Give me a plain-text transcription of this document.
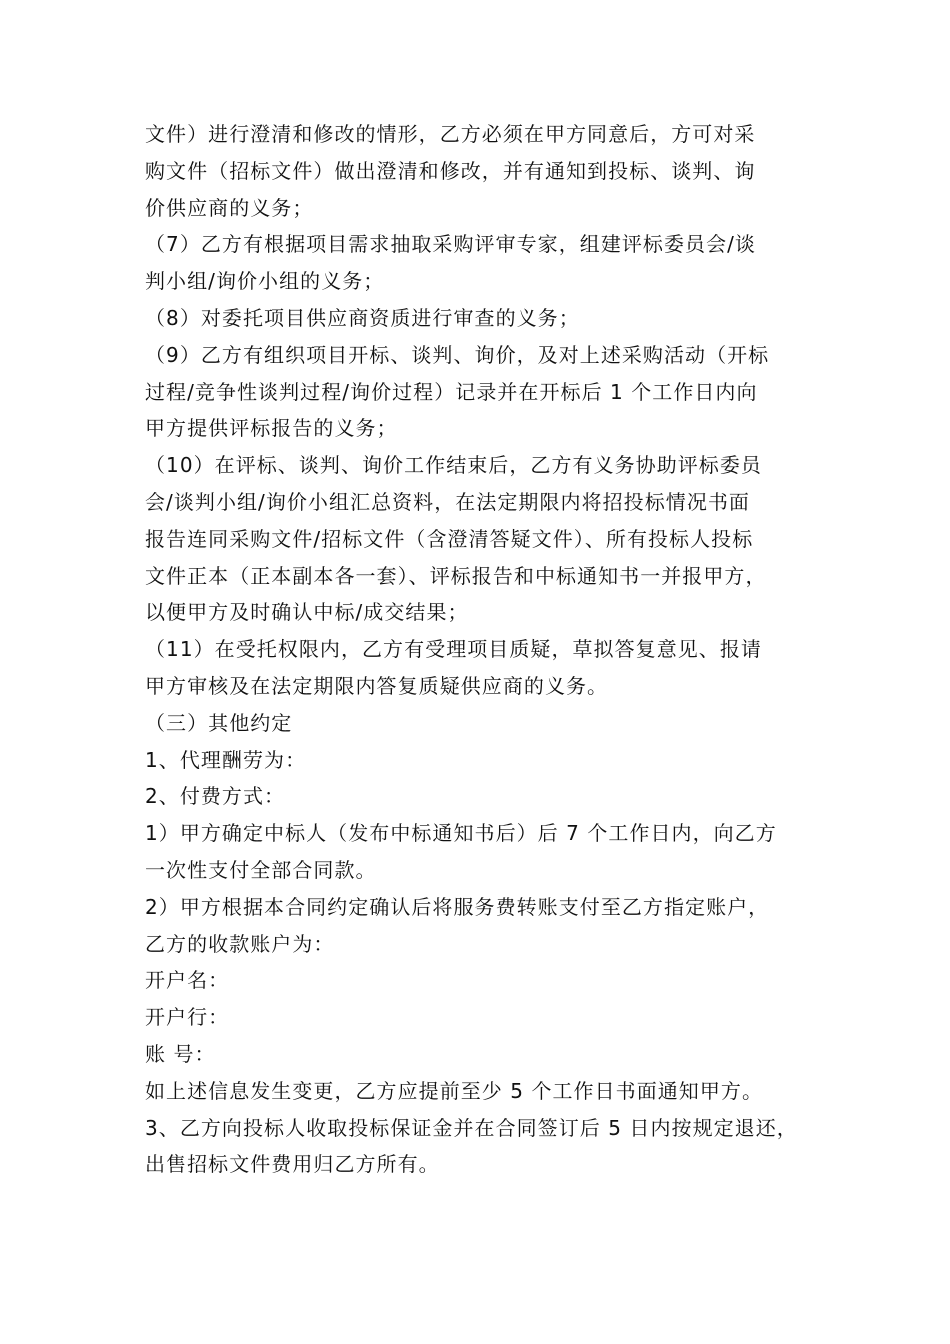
文件）进行澄清和修改的情形，乙方必须在甲方同意后，方可对采
购文件（招标文件）做出澄清和修改，并有通知到投标、谈判、询
价供应商的义务；
（7）乙方有根据项目需求抽取采购评审专家，组建评标委员会/谈
判小组/询价小组的义务；
（8）对委托项目供应商资质进行审查的义务；
（9）乙方有组织项目开标、谈判、询价，及对上述采购活动（开标
过程/竞争性谈判过程/询价过程）记录并在开标后 1 个工作日内向
甲方提供评标报告的义务；
（10）在评标、谈判、询价工作结束后，乙方有义务协助评标委员
会/谈判小组/询价小组汇总资料，在法定期限内将招投标情况书面
报告连同采购文件/招标文件（含澄清答疑文件）、所有投标人投标
文件正本（正本副本各一套）、评标报告和中标通知书一并报甲方，
以便甲方及时确认中标/成交结果；
（11）在受托权限内，乙方有受理项目质疑，草拟答复意见、报请
甲方审核及在法定期限内答复质疑供应商的义务。
（三）其他约定
1、代理酬劳为：
2、付费方式：
1）甲方确定中标人（发布中标通知书后）后 7 个工作日内，向乙方
一次性支付全部合同款。
2）甲方根据本合同约定确认后将服务费转账支付至乙方指定账户，
乙方的收款账户为：
开户名：
开户行：
账 号：
如上述信息发生变更，乙方应提前至少 5 个工作日书面通知甲方。
3、乙方向投标人收取投标保证金并在合同签订后 5 日内按规定退还，
出售招标文件费用归乙方所有。
